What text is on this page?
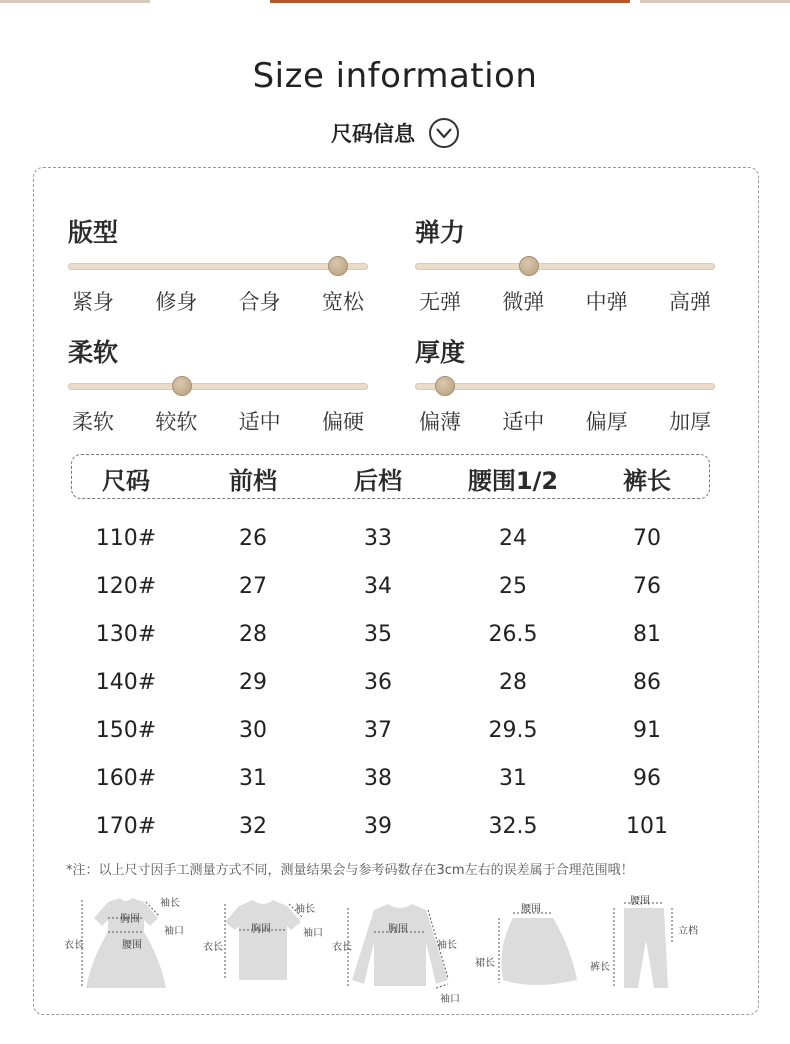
Size information
尺码信息
版型
紧身 修身 合身 宽松
弹力
无弹 微弹 中弹 高弹
柔软
柔软 较软 适中 偏硬
厚度
偏薄 适中 偏厚 加厚
尺码	前档	后档	腰围1/2	裤长
110#	26	33	24	70
120#	27	34	25	76
130#	28	35	26.5	81
140#	29	36	28	86
150#	30	37	29.5	91
160#	31	38	31	96
170#	32	39	32.5	101
*注：以上尺寸因手工测量方式不同，测量结果会与参考码数存在3cm左右的误差属于合理范围哦！
胸围
腰围
袖长
袖口
衣长
胸围
袖长
袖口
衣长
胸围
袖长
袖口
衣长
腰围
裙长
腰围
立档
裤长
